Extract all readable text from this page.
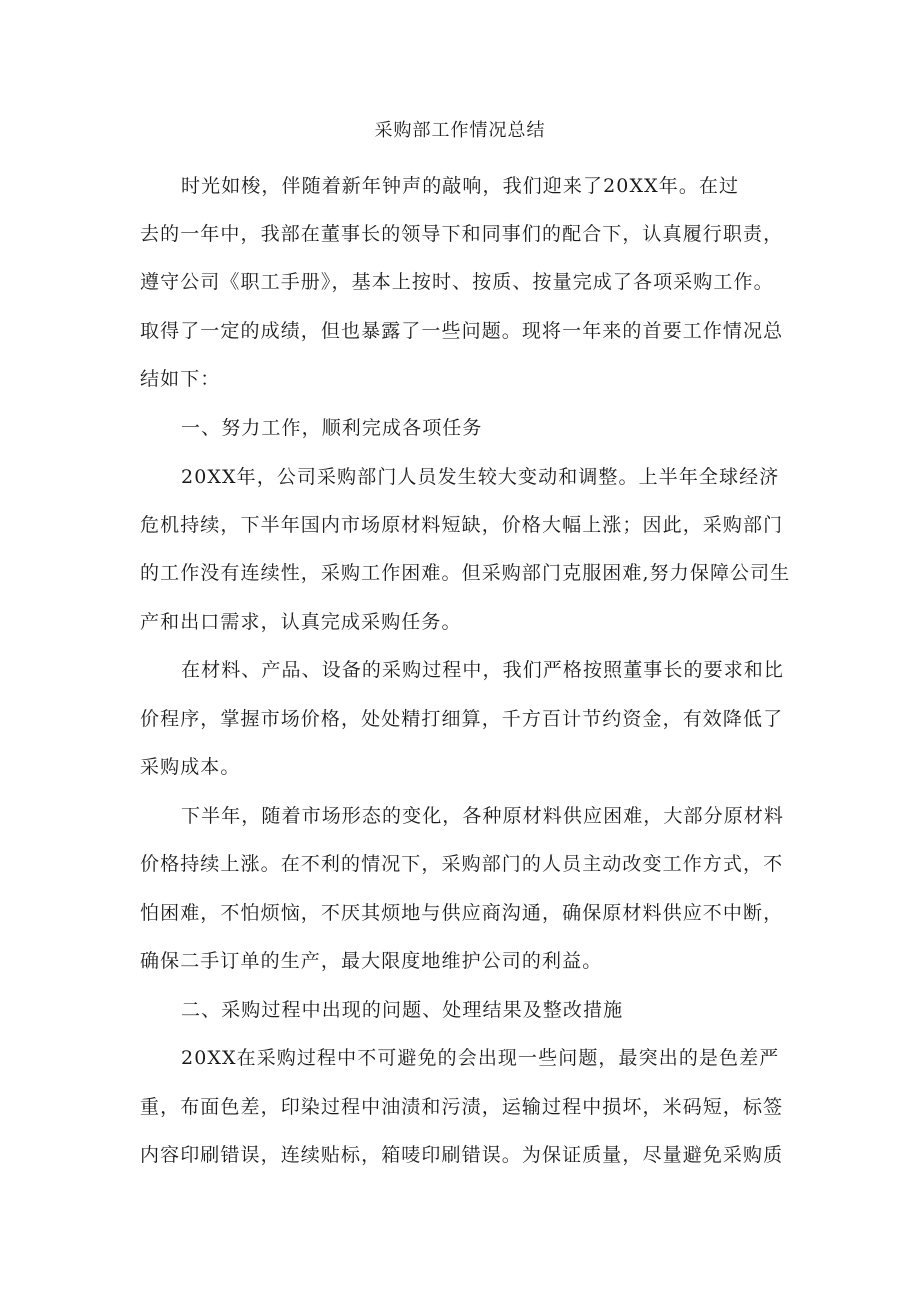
采购部工作情况总结
时光如梭，伴随着新年钟声的敲响，我们迎来了20XX年。在过
去的一年中，我部在董事长的领导下和同事们的配合下，认真履行职责，
遵守公司《职工手册》，基本上按时、按质、按量完成了各项采购工作。
取得了一定的成绩，但也暴露了一些问题。现将一年来的首要工作情况总
结如下：
一、努力工作，顺利完成各项任务
20XX年，公司采购部门人员发生较大变动和调整。上半年全球经济
危机持续，下半年国内市场原材料短缺，价格大幅上涨；因此，采购部门
的工作没有连续性，采购工作困难。但采购部门克服困难,努力保障公司生
产和出口需求，认真完成采购任务。
在材料、产品、设备的采购过程中，我们严格按照董事长的要求和比
价程序，掌握市场价格，处处精打细算，千方百计节约资金，有效降低了
采购成本。
下半年，随着市场形态的变化，各种原材料供应困难，大部分原材料
价格持续上涨。在不利的情况下，采购部门的人员主动改变工作方式，不
怕困难，不怕烦恼，不厌其烦地与供应商沟通，确保原材料供应不中断，
确保二手订单的生产，最大限度地维护公司的利益。
二、采购过程中出现的问题、处理结果及整改措施
20XX在采购过程中不可避免的会出现一些问题，最突出的是色差严
重，布面色差，印染过程中油渍和污渍，运输过程中损坏，米码短，标签
内容印刷错误，连续贴标，箱唛印刷错误。为保证质量，尽量避免采购质
